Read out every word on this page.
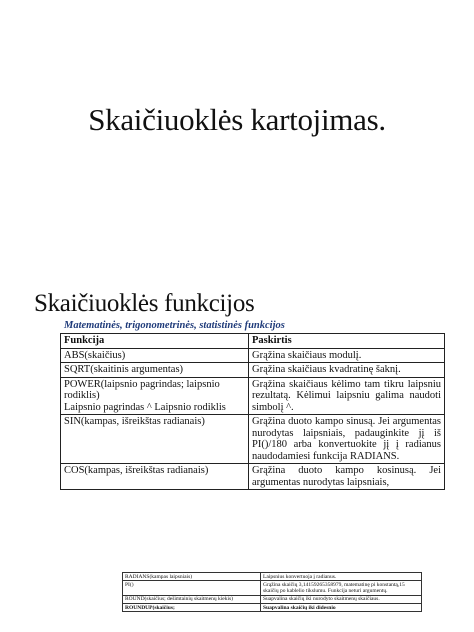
Skaičiuoklės kartojimas.
Skaičiuoklės funkcijos
Matematinės, trigonometrinės, statistinės funkcijos
Funkcija	Paskirtis

ABS(skaičius)	Grąžina skaičiaus modulį.

SQRT(skaitinis argumentas)	Grąžina skaičiaus kvadratinę šaknį.

POWER(laipsnio pagrindas; laipsnio rodiklis)
Laipsnio pagrindas ^ Laipsnio rodiklis	Grąžina skaičiaus kėlimo tam tikru laipsniu rezultatą. Kėlimui laipsniu galima naudoti simbolį ^.

SIN(kampas, išreikštas radianais)	Grąžina duoto kampo sinusą. Jei argumentas nurodytas laipsniais, padauginkite jį iš PI()/180 arba konvertuokite jį į radianus naudodamiesi funkcija RADIANS.

COS(kampas, išreikštas radianais)	Grąžina duoto kampo kosinusą. Jei argumentas nurodytas laipsniais,
RADIANS(kampas laipsniais)	Laipsnius konvertuoja į radianus.
PI()	Grąžina skaičių 3,14159265358979, matematinę pi konstantą,15 skaičių po kablelio tikslumu. Funkcija neturi argumentų.
ROUND(skaičius; dešimtainių skaitmenų kiekis)	Suapvalina skaičių iki nurodyto skaitmenų skaičiaus.
ROUNDUP(skaičius;	Suapvalina skaičių iki didesnio
